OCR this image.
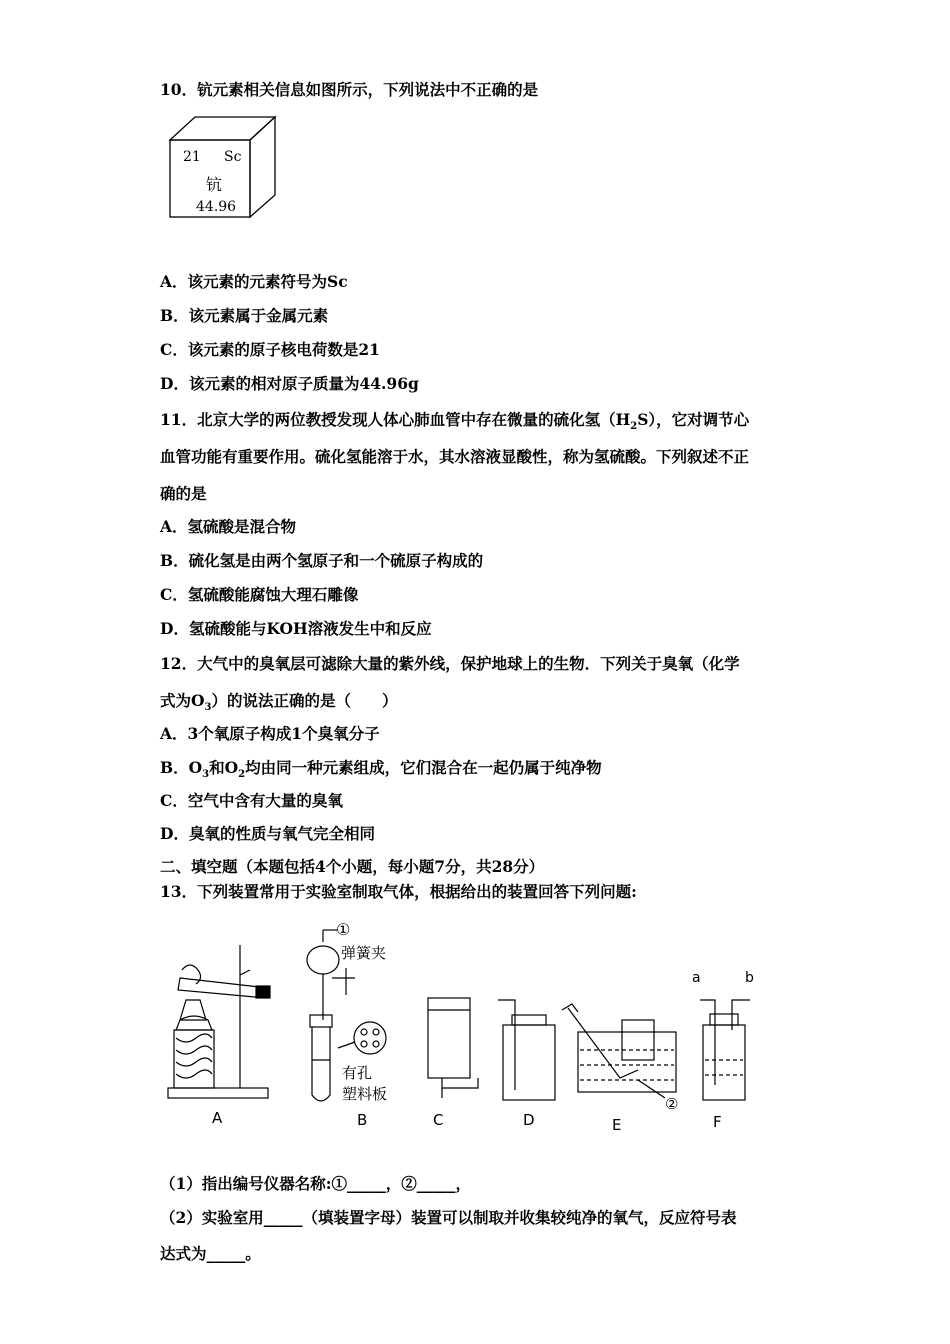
10．钪元素相关信息如图所示，下列说法中不正确的是
21 Sc
钪
44.96
A．该元素的元素符号为Sc
B．该元素属于金属元素
C．该元素的原子核电荷数是21
D．该元素的相对原子质量为44.96g
11．北京大学的两位教授发现人体心肺血管中存在微量的硫化氢$(H_2S)$，它对调节心
血管功能有重要作用。硫化氢能溶于水，其水溶液显酸性，称为氢硫酸。下列叙述不正
确的是
A．氢硫酸是混合物
B．硫化氢是由两个氢原子和一个硫原子构成的
C．氢硫酸能腐蚀大理石雕像
D．氢硫酸能与KOH溶液发生中和反应
12．大气中的臭氧层可滤除大量的紫外线，保护地球上的生物．下列关于臭氧（化学
式为$O_3$）的说法正确的是（　　）
A．3个氧原子构成1个臭氧分子
B．$O_3$和$O_2$均由同一种元素组成，它们混合在一起仍属于纯净物
C．空气中含有大量的臭氧
D．臭氧的性质与氧气完全相同
二、填空题（本题包括4个小题，每小题7分，共28分）
13．下列装置常用于实验室制取气体，根据给出的装置回答下列问题:
A	B	C	D	E	F
①
弹簧夹
有孔
塑料板
②
a	b
（1）指出编号仪器名称:①_____，②_____，
（2）实验室用_____（填装置字母）装置可以制取并收集较纯净的氧气，反应符号表
达式为_____。
